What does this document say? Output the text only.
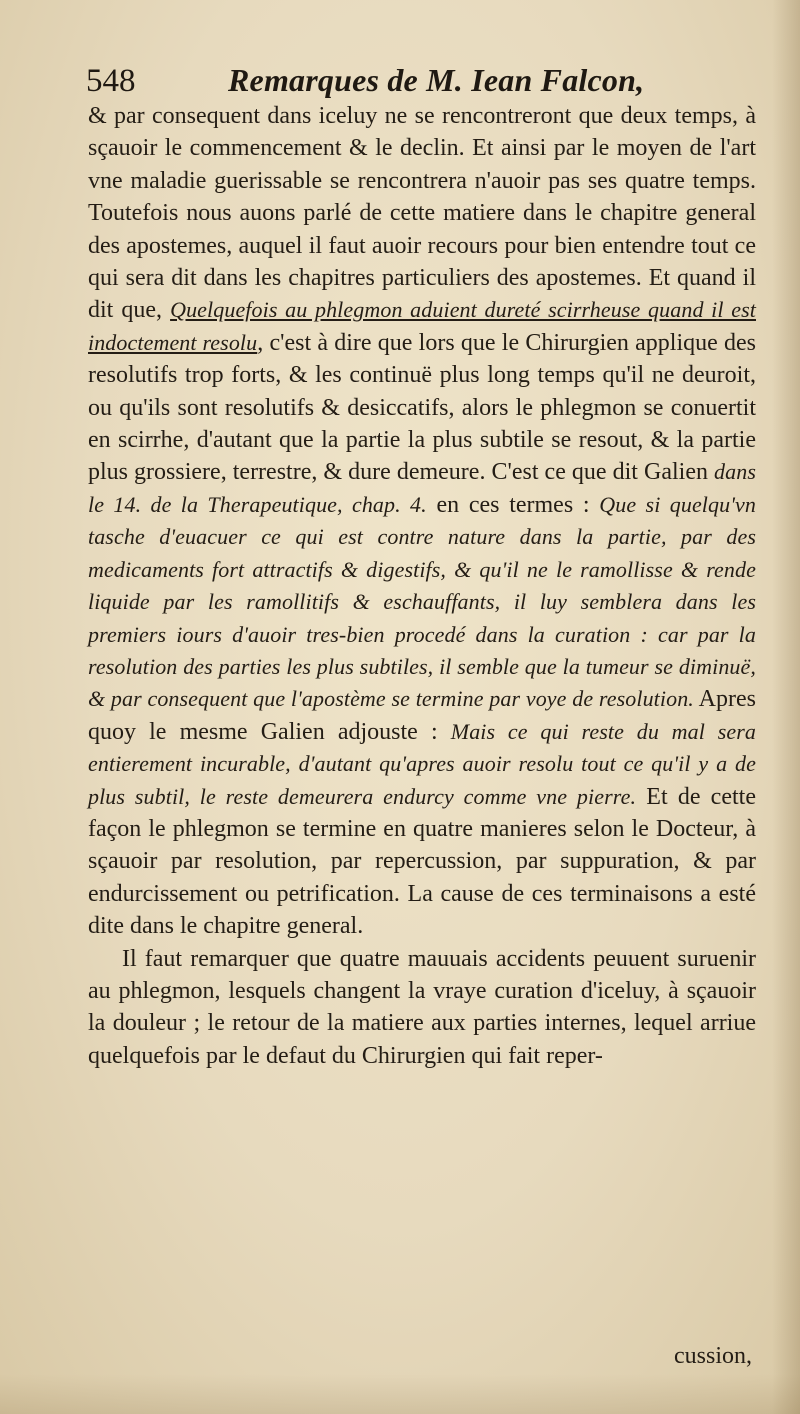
548	Remarques de M. Iean Falcon,

& par consequent dans iceluy ne se rencontreront que deux temps, à sçauoir le commencement & le declin. Et ainsi par le moyen de l'art vne maladie guerissable se rencontrera n'auoir pas ses quatre temps. Toutefois nous auons parlé de cette matiere dans le chapitre general des apostemes, auquel il faut auoir recours pour bien entendre tout ce qui sera dit dans les chapitres particuliers des apostemes. Et quand il dit que, Quelquefois au phlegmon aduient dureté scirrheuse quand il est indoctement resolu, c'est à dire que lors que le Chirurgien applique des resolutifs trop forts, & les continuë plus long temps qu'il ne deuroit, ou qu'ils sont resolutifs & desiccatifs, alors le phlegmon se conuertit en scirrhe, d'autant que la partie la plus subtile se resout, & la partie plus grossiere, terrestre, & dure demeure. C'est ce que dit Galien dans le 14. de la Therapeutique, chap. 4. en ces termes : Que si quelqu'vn tasche d'euacuer ce qui est contre nature dans la partie, par des medicaments fort attractifs & digestifs, & qu'il ne le ramollisse & rende liquide par les ramollitifs & eschauffants, il luy semblera dans les premiers iours d'auoir tres-bien procedé dans la curation : car par la resolution des parties les plus subtiles, il semble que la tumeur se diminuë, & par consequent que l'apostème se termine par voye de resolution. Apres quoy le mesme Galien adjouste : Mais ce qui reste du mal sera entierement incurable, d'autant qu'apres auoir resolu tout ce qu'il y a de plus subtil, le reste demeurera endurcy comme vne pierre. Et de cette façon le phlegmon se termine en quatre manieres selon le Docteur, à sçauoir par resolution, par repercussion, par suppuration, & par endurcissement ou petrification. La cause de ces terminaisons a esté dite dans le chapitre general.

Il faut remarquer que quatre mauuais accidents peuuent suruenir au phlegmon, lesquels changent la vraye curation d'iceluy, à sçauoir la douleur ; le retour de la matiere aux parties internes, lequel arriue quelquefois par le defaut du Chirurgien qui fait reper-

cussion,
